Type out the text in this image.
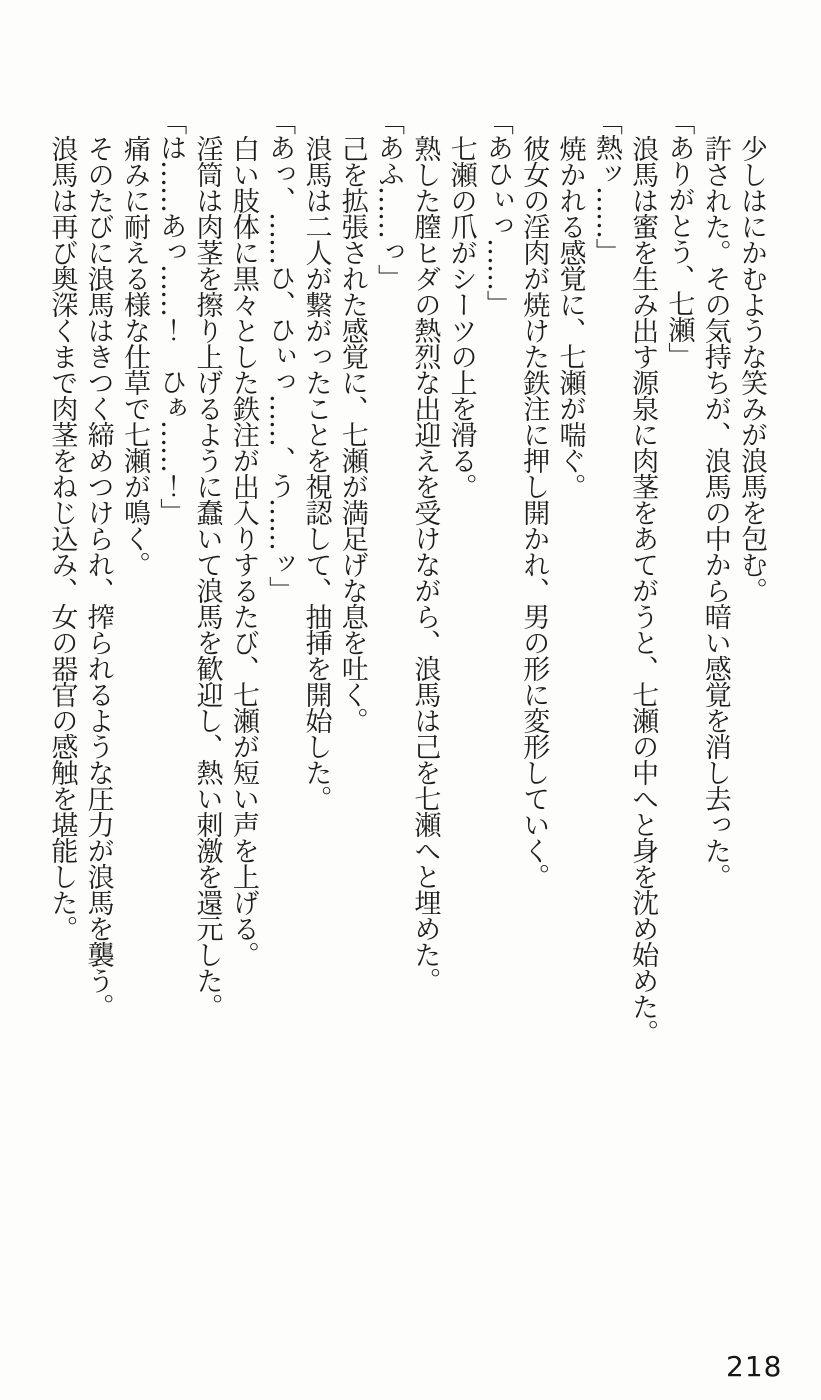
少しはにかむような笑みが浪馬を包む。

許された。その気持ちが、浪馬の中から暗い感覚を消し去った。

「ありがとう、七瀬」

浪馬は蜜を生み出す源泉に肉茎をあてがうと、七瀬の中へと身を沈め始めた。

「熱ッ……」

焼かれる感覚に、七瀬が喘ぐ。

彼女の淫肉が焼けた鉄注に押し開かれ、男の形に変形していく。

「あひぃっ……」

七瀬の爪がシーツの上を滑る。

熟した膣ヒダの熱烈な出迎えを受けながら、浪馬は己を七瀬へと埋めた。

「あふ……っ」

己を拡張された感覚に、七瀬が満足げな息を吐く。

浪馬は二人が繋がったことを視認して、抽挿を開始した。

「あっ、……ひ、ひぃっ……、う……ッ」

白い肢体に黒々とした鉄注が出入りするたび、七瀬が短い声を上げる。

淫筒は肉茎を擦り上げるように蠢いて浪馬を歓迎し、熱い刺激を還元した。

「は……あっ……！　ひぁ……！」

痛みに耐える様な仕草で七瀬が鳴く。

そのたびに浪馬はきつく締めつけられ、搾られるような圧力が浪馬を襲う。

浪馬は再び奥深くまで肉茎をねじ込み、女の器官の感触を堪能した。

218
